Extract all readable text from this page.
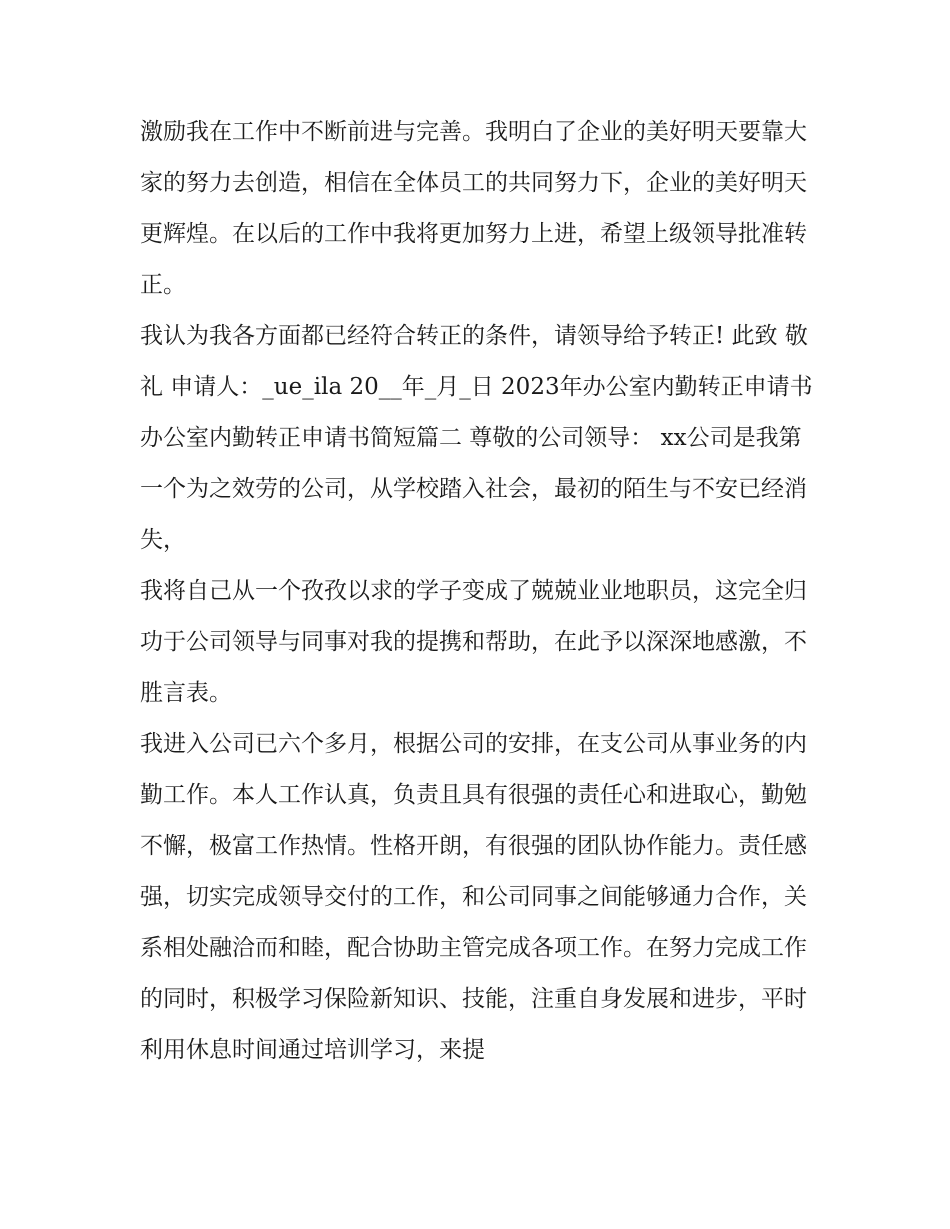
激励我在工作中不断前进与完善。我明白了企业的美好明天要靠大家的努力去创造，相信在全体员工的共同努力下，企业的美好明天更辉煌。在以后的工作中我将更加努力上进，希望上级领导批准转正。

我认为我各方面都已经符合转正的条件，请领导给予转正! 此致 敬礼 申请人：_ue_ila 20__年_月_日 2023年办公室内勤转正申请书

办公室内勤转正申请书简短篇二 尊敬的公司领导： xx公司是我第一个为之效劳的公司，从学校踏入社会，最初的陌生与不安已经消失，

我将自己从一个孜孜以求的学子变成了兢兢业业地职员，这完全归功于公司领导与同事对我的提携和帮助，在此予以深深地感激，不胜言表。

我进入公司已六个多月，根据公司的安排，在支公司从事业务的内勤工作。本人工作认真，负责且具有很强的责任心和进取心，勤勉不懈，极富工作热情。性格开朗，有很强的团队协作能力。责任感强，切实完成领导交付的工作，和公司同事之间能够通力合作，关系相处融洽而和睦，配合协助主管完成各项工作。在努力完成工作的同时，积极学习保险新知识、技能，注重自身发展和进步，平时利用休息时间通过培训学习，来提
